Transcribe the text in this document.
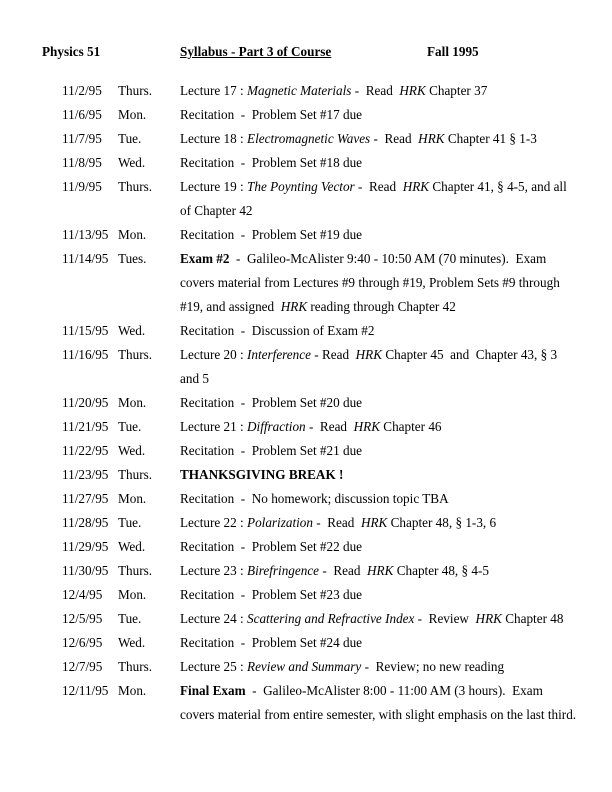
Physics 51	Syllabus - Part 3 of Course	Fall 1995
11/2/95	Thurs.	Lecture 17 : Magnetic Materials -  Read  HRK Chapter 37
11/6/95	Mon.	Recitation  -  Problem Set #17 due
11/7/95	Tue.	Lecture 18 : Electromagnetic Waves -  Read  HRK Chapter 41 § 1-3
11/8/95	Wed.	Recitation  -  Problem Set #18 due
11/9/95	Thurs.	Lecture 19 : The Poynting Vector -  Read  HRK Chapter 41, § 4-5, and all of Chapter 42
11/13/95 Mon.	Recitation  -  Problem Set #19 due
11/14/95 Tues.	Exam #2  -  Galileo-McAlister 9:40 - 10:50 AM (70 minutes).  Exam covers material from Lectures #9 through #19, Problem Sets #9 through #19, and assigned  HRK reading through Chapter 42
11/15/95 Wed.	Recitation  -  Discussion of Exam #2
11/16/95 Thurs.	Lecture 20 : Interference - Read  HRK Chapter 45  and  Chapter 43, § 3 and 5
11/20/95 Mon.	Recitation  -  Problem Set #20 due
11/21/95 Tue.	Lecture 21 : Diffraction -  Read  HRK Chapter 46
11/22/95 Wed.	Recitation  -  Problem Set #21 due
11/23/95 Thurs.	THANKSGIVING BREAK !
11/27/95 Mon.	Recitation  -  No homework; discussion topic TBA
11/28/95 Tue.	Lecture 22 : Polarization -  Read  HRK Chapter 48, § 1-3, 6
11/29/95 Wed.	Recitation  -  Problem Set #22 due
11/30/95 Thurs.	Lecture 23 : Birefringence -  Read  HRK Chapter 48, § 4-5
12/4/95	Mon.	Recitation  -  Problem Set #23 due
12/5/95	Tue.	Lecture 24 : Scattering and Refractive Index -  Review  HRK Chapter 48
12/6/95	Wed.	Recitation  -  Problem Set #24 due
12/7/95	Thurs.	Lecture 25 : Review and Summary -  Review; no new reading
12/11/95 Mon.	Final Exam  -  Galileo-McAlister 8:00 - 11:00 AM (3 hours).  Exam covers material from entire semester, with slight emphasis on the last third.
